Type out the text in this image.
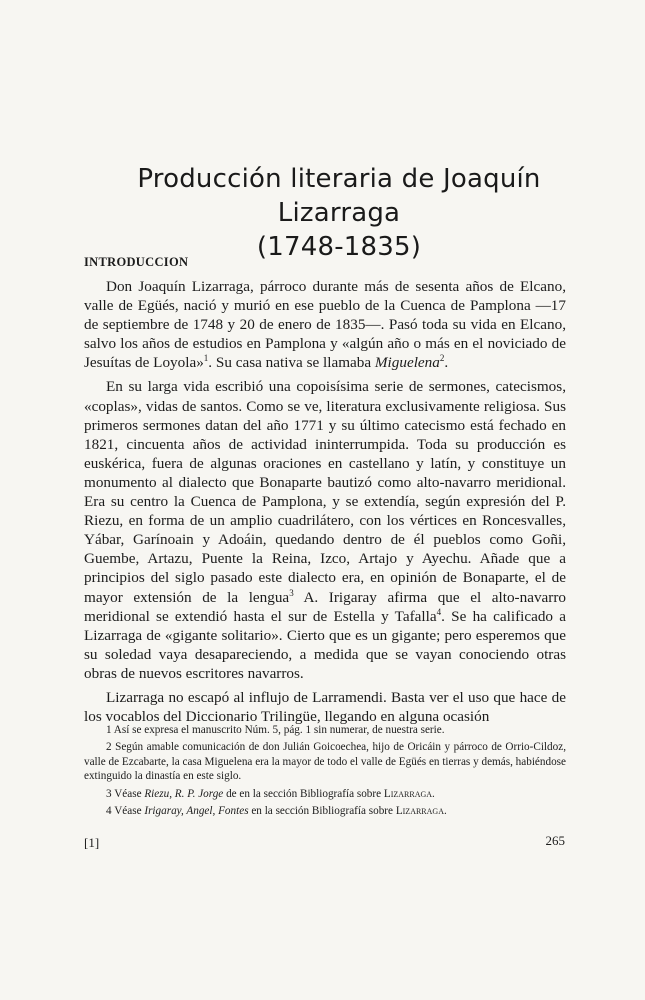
Producción literaria de Joaquín Lizarraga
(1748-1835)
INTRODUCCION

Don Joaquín Lizarraga, párroco durante más de sesenta años de Elcano, valle de Egüés, nació y murió en ese pueblo de la Cuenca de Pamplona —17 de septiembre de 1748 y 20 de enero de 1835—. Pasó toda su vida en Elcano, salvo los años de estudios en Pamplona y «algún año o más en el noviciado de Jesuítas de Loyola»$^1$. Su casa nativa se llamaba Miguelena$^2$.

En su larga vida escribió una copoisísima serie de sermones, catecismos, «coplas», vidas de santos. Como se ve, literatura exclusivamente religiosa. Sus primeros sermones datan del año 1771 y su último catecismo está fechado en 1821, cincuenta años de actividad ininterrumpida. Toda su producción es euskérica, fuera de algunas oraciones en castellano y latín, y constituye un monumento al dialecto que Bonaparte bautizó como alto-navarro meridional. Era su centro la Cuenca de Pamplona, y se extendía, según expresión del P. Riezu, en forma de un amplio cuadrilátero, con los vértices en Roncesvalles, Yábar, Garínoain y Adoáin, quedando dentro de él pueblos como Goñi, Guembe, Artazu, Puente la Reina, Izco, Artajo y Ayechu. Añade que a principios del siglo pasado este dialecto era, en opinión de Bonaparte, el de mayor extensión de la lengua$^3$ A. Irigaray afirma que el alto-navarro meridional se extendió hasta el sur de Estella y Tafalla$^4$. Se ha calificado a Lizarraga de «gigante solitario». Cierto que es un gigante; pero esperemos que su soledad vaya desapareciendo, a medida que se vayan conociendo otras obras de nuevos escritores navarros.

Lizarraga no escapó al influjo de Larramendi. Basta ver el uso que hace de los vocablos del Diccionario Trilingüe, llegando en alguna ocasión

1 Así se expresa el manuscrito Núm. 5, pág. 1 sin numerar, de nuestra serie.

2 Según amable comunicación de don Julián Goicoechea, hijo de Oricáin y párroco de Orrio-Cildoz, valle de Ezcabarte, la casa Miguelena era la mayor de todo el valle de Egüés en tierras y demás, habiéndose extinguido la dinastía en este siglo.

3 Véase Riezu, R. P. Jorge de en la sección Bibliografía sobre Lizarraga.

4 Véase Irigaray, Angel, Fontes en la sección Bibliografía sobre Lizarraga.

[1]	265
